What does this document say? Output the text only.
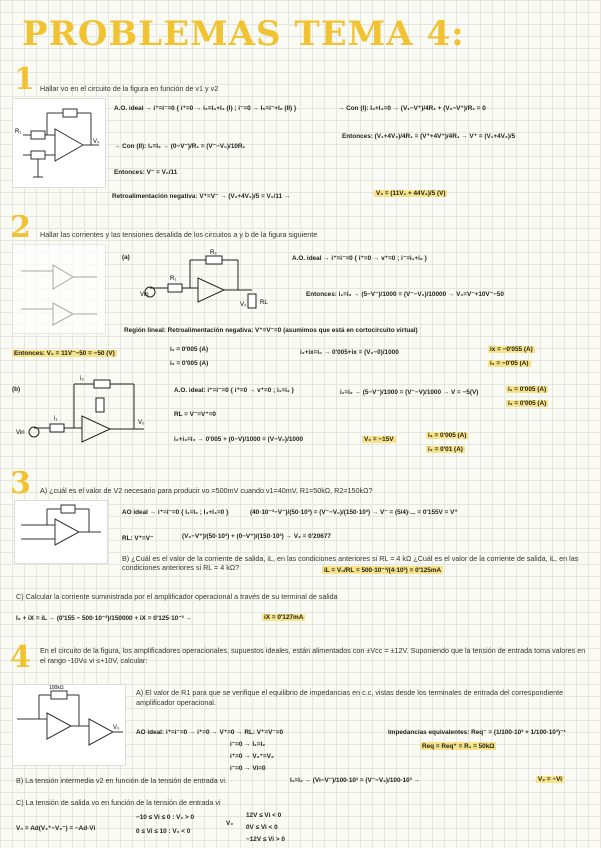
PROBLEMAS TEMA 4:
1 Hallar vo en el circuito de la figura en función de v1 y v2
R₁
V₀
A.O. ideal → i⁺=i⁻=0 { i⁺=0 → i₂=I₃+I₄ (I) ; i⁻=0 → I₅=i⁻+I₂ (II) }	→ Con (I): I₃+I₄=0 → (V₁−V⁺)/4R₁ + (V₂−V⁺)/R₁ = 0
Entonces: (V₁+4V₂)/4R₁ = (V⁺+4V⁺)/4R₁ → V⁺ = (V₁+4V₂)/5
→ Con (II): I₁=I₂ → (0−V⁻)/R₁ = (V⁻−V₀)/10R₁
Entonces: V⁻ = V₀/11
Retroalimentación negativa: V⁺=V⁻ → (V₁+4V₂)/5 = V₀/11 →	V₀ = (11V₁ + 44V₂)/5 (V)
2 Hallar las corrientes y las tensiones desalida de los circuitos a y b de la figura siguiente
(a)
Vin
R₁
R₂
RL
V₀
A.O. ideal → i⁺=i⁻=0 { i⁺=0 → v⁺=0 ; i⁻=i₁+i₂ }
Entonces: i₁=i₂ → (5−V⁻)/1000 = (V⁻−V₀)/10000 → V₀=V⁻+10V⁻−50
Región lineal: Retroalimentación negativa: V⁺=V⁻=0 (asumimos que está en cortocircuito virtual)
Entonces: V₀ = 11V⁻−50 = −50 (V)
i₁ = 0'005 (A)
i₂ = 0'005 (A)
i₂+ix=i₀ → 0'005+ix = (V₀−0)/1000	ix = −0'055 (A)
i₀ = −0'05 (A)
(b)
Vin
i₁
i₃
V₀
A.O. ideal: i⁺=i⁻=0 { i⁺=0 → v⁺=0 ; i₁=i₂ }
RL = V⁻=V⁺=0
i₂+i₃=i₄ → 0'005 + (0−V)/1000 = (V−V₀)/1000
i₁=i₂ → (5−V⁻)/1000 = (V⁻−V)/1000 → V = −5(V)	i₁ = 0'005 (A)
i₂ = 0'005 (A)
V₀ = −15V
i₃ = 0'005 (A)
i₄ = 0'01 (A)
3 A) ¿cuál es el valor de V2 necesario para producir vo =500mV cuando v1=40mV, R1=50kΩ, R2=150kΩ?
AO ideal → i⁺=i⁻=0 { I₁=I₂ ; I₃+I₄=0 }
RL: V⁺=V⁻
(40·10⁻³−V⁻)/(50·10³) = (V⁻−V₀)/(150·10³) → V⁻ = (5/4)·... = 0'155V = V⁺
(V₂−V⁺)/(50·10³) + (0−V⁺)/(150·10³) → V₂ = 0'20677
B) ¿Cuál es el valor de la corriente de salida, iL, en las condiciones anteriores si RL = 4 kΩ ¿Cuál es el valor de la corriente de salida, iL, en las condiciones anteriores si RL = 4 kΩ?	iL = V₀/RL = 500·10⁻³/(4·10³) = 0'125mA
C) Calcular la corriente suministrada por el amplificador operacional a través de su terminal de salida
I₃ + iX = iL → (0'155 − 500·10⁻³)/150000 + iX = 0'125·10⁻³ →	iX = 0'127mA
4 En el circuito de la figura, los amplificadores operacionales, supuestos ideales, están alimentados con ±Vcc = ±12V. Suponiendo que la tensión de entrada toma valores en el rango -10V≤ vi ≤+10V, calcular:
100kΩ
V₀
A) El valor de R1 para que se verifique el equilibrio de impedancias en c.c, vistas desde los terminales de entrada del correspondiente amplificador operacional.
AO ideal: i⁺=i⁻=0 → i⁺=0 → V⁺=0 → RL: V⁺=V⁻=0
i⁻=0 → I₁=I₂
i⁺=0 → V₂⁺=V₂
i⁻=0 → Vi=0
Impedancias equivalentes: Req⁻ = (1/100·10³ + 1/100·10³)⁻¹
Req = Req⁺ = R₁ = 50kΩ
B) La tensión intermedia v2 en función de la tensión de entrada vi.	I₁=I₂ → (Vi−V⁻)/100·10³ = (V⁻−V₂)/100·10³ →	V₂ = −Vi
C) La tensión de salida vo en función de la tensión de entrada vi
V₀ = Ad(V₂⁺−V₂⁻) = −Ad·Vi
−10 ≤ Vi ≤ 0 : V₀ > 0
0 ≤ Vi ≤ 10 : V₀ < 0
V₀
12V ≤ Vi < 0
0V ≤ Vi < 0
−12V ≤ Vi > 0
